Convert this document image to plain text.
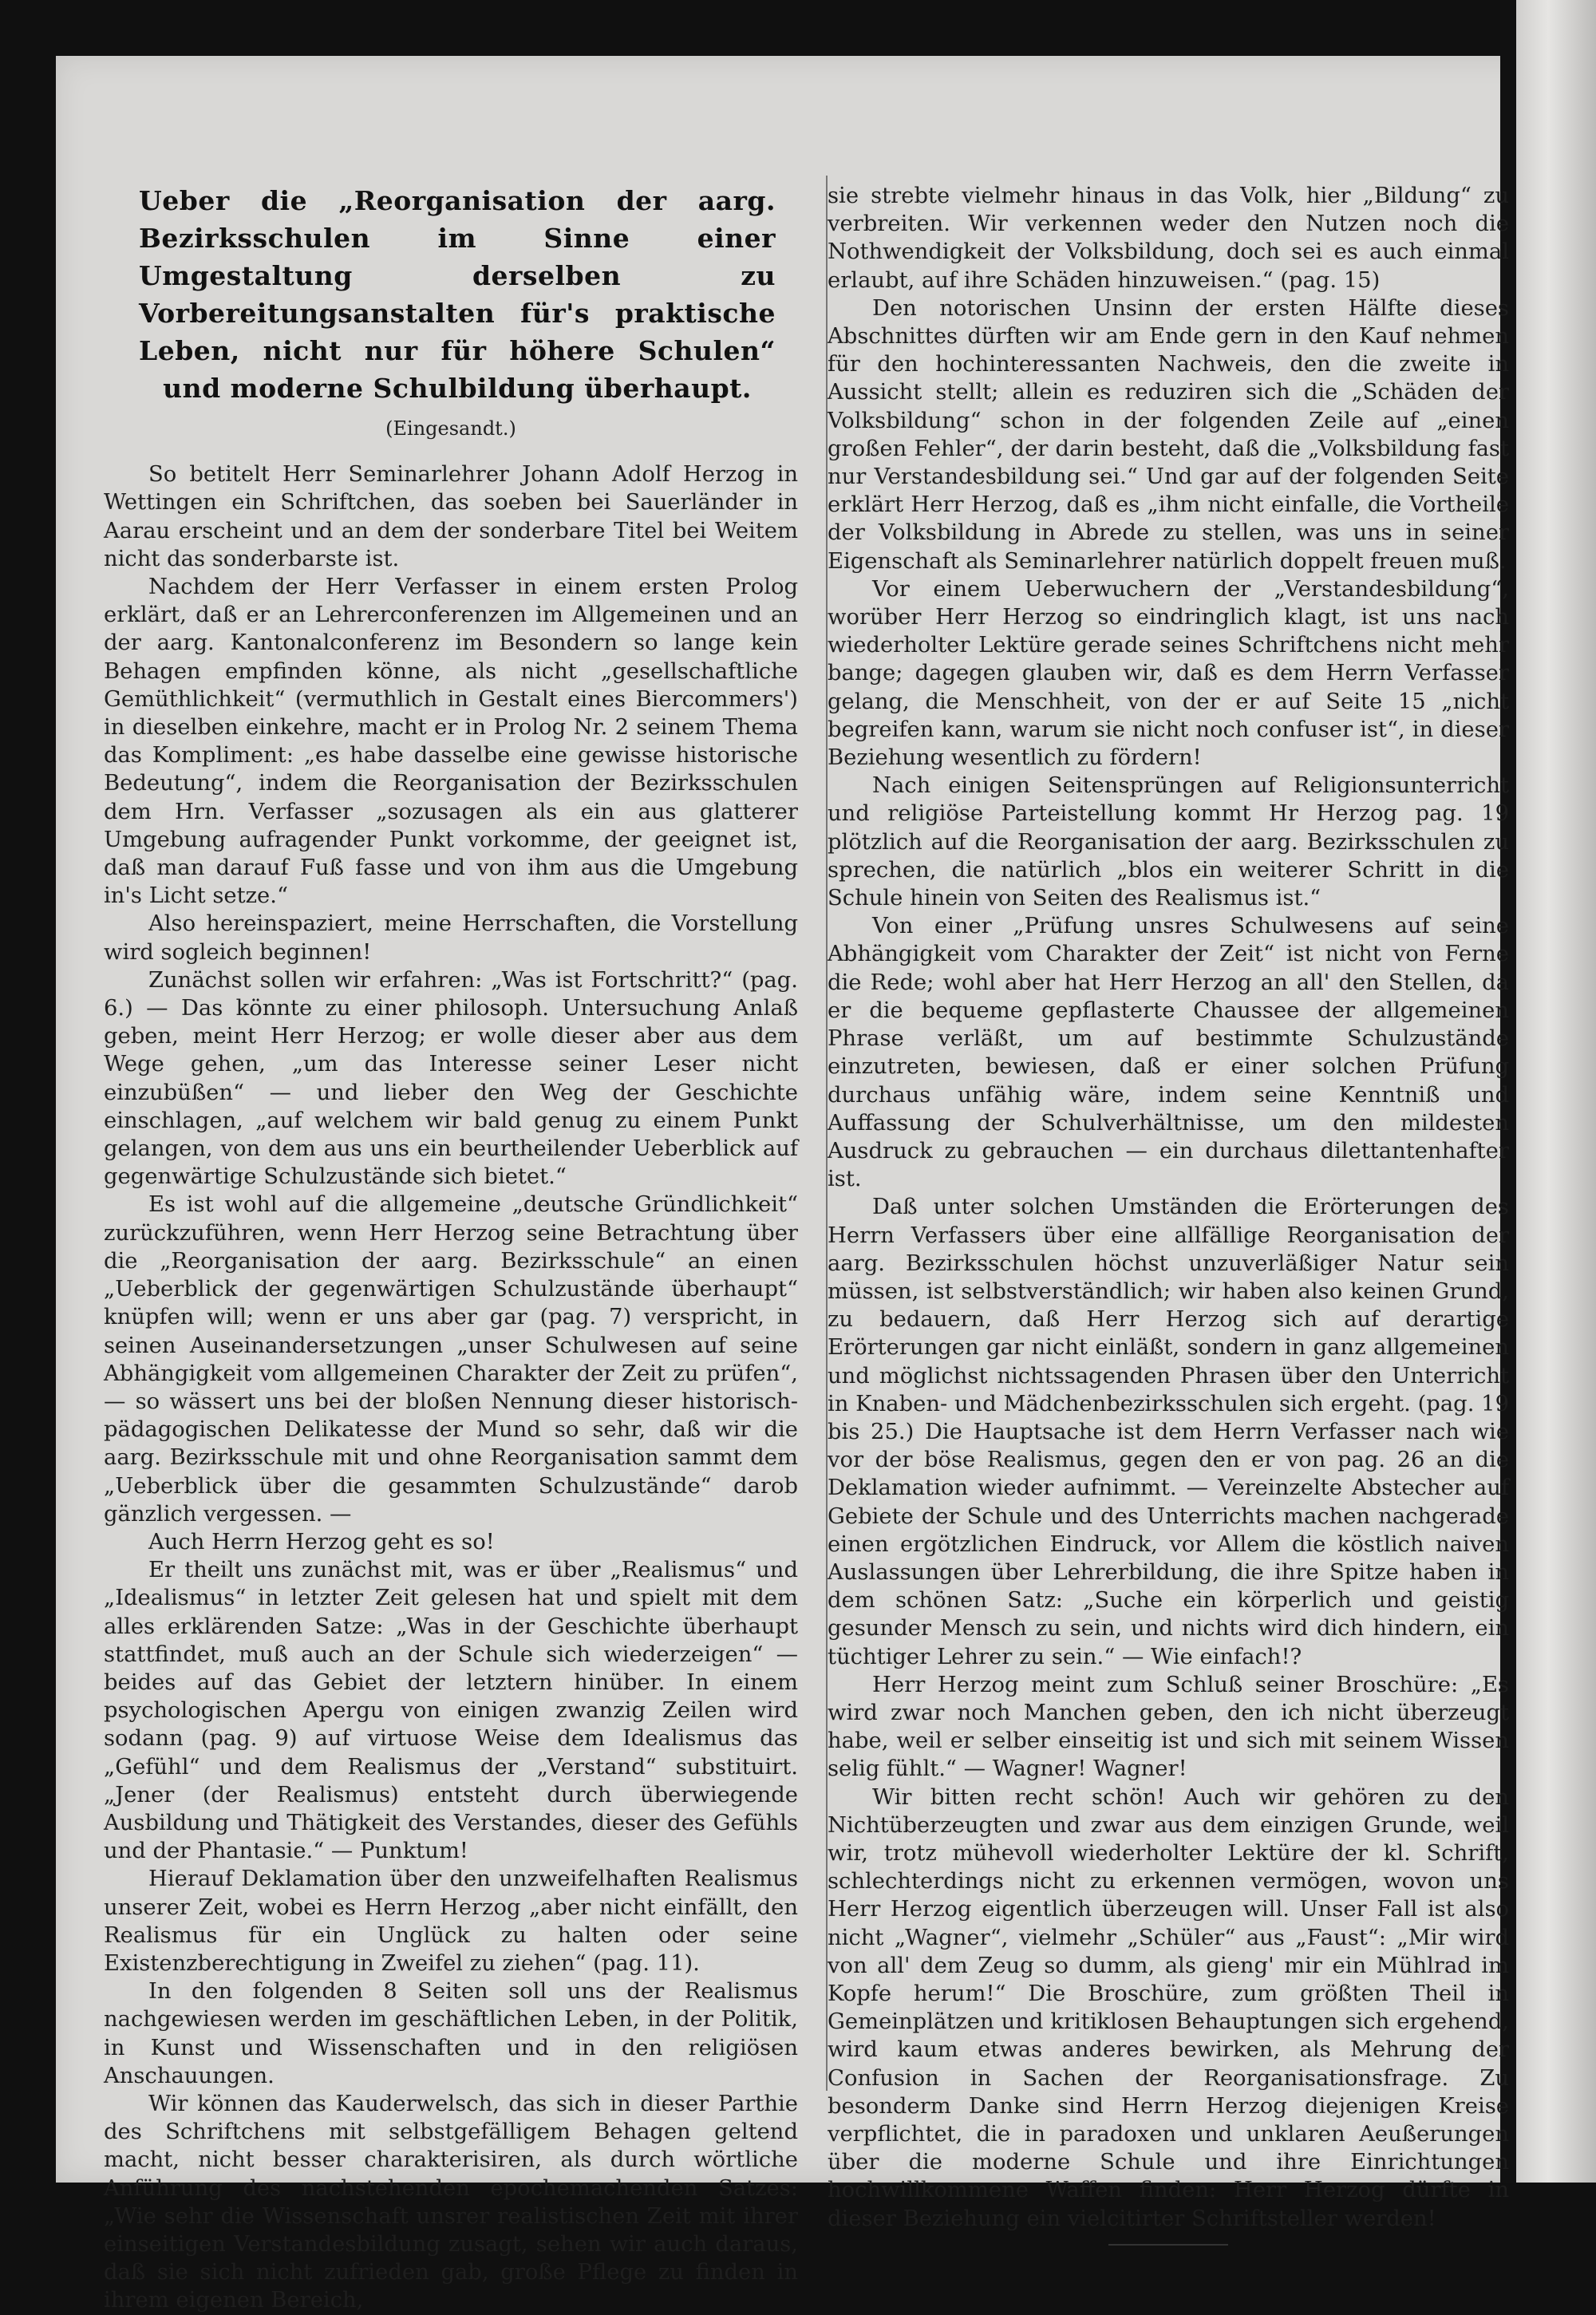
Ueber die „Reorganisation der aarg. Bezirksschulen im Sinne einer Umgestaltung derselben zu Vorbereitungsanstalten für's praktische Leben, nicht nur für höhere Schulen“ und moderne Schulbildung überhaupt.
(Eingesandt.)

So betitelt Herr Seminarlehrer Johann Adolf Herzog in Wettingen ein Schriftchen, das soeben bei Sauerländer in Aarau erscheint und an dem der sonderbare Titel bei Weitem nicht das sonderbarste ist.

Nachdem der Herr Verfasser in einem ersten Prolog erklärt, daß er an Lehrerconferenzen im Allgemeinen und an der aarg. Kantonalconferenz im Besondern so lange kein Behagen empfinden könne, als nicht „gesellschaftliche Gemüthlichkeit“ (vermuthlich in Gestalt eines Biercommers') in dieselben einkehre, macht er in Prolog Nr. 2 seinem Thema das Kompliment: „es habe dasselbe eine gewisse historische Bedeutung“, indem die Reorganisation der Bezirksschulen dem Hrn. Verfasser „sozusagen als ein aus glatterer Umgebung aufragender Punkt vorkomme, der geeignet ist, daß man darauf Fuß fasse und von ihm aus die Umgebung in's Licht setze.“

Also hereinspaziert, meine Herrschaften, die Vorstellung wird sogleich beginnen!

Zunächst sollen wir erfahren: „Was ist Fortschritt?“ (pag. 6.) — Das könnte zu einer philosoph. Untersuchung Anlaß geben, meint Herr Herzog; er wolle dieser aber aus dem Wege gehen, „um das Interesse seiner Leser nicht einzubüßen“ — und lieber den Weg der Geschichte einschlagen, „auf welchem wir bald genug zu einem Punkt gelangen, von dem aus uns ein beurtheilender Ueberblick auf gegenwärtige Schulzustände sich bietet.“

Es ist wohl auf die allgemeine „deutsche Gründlichkeit“ zurückzuführen, wenn Herr Herzog seine Betrachtung über die „Reorganisation der aarg. Bezirksschule“ an einen „Ueberblick der gegenwärtigen Schulzustände überhaupt“ knüpfen will; wenn er uns aber gar (pag. 7) verspricht, in seinen Auseinandersetzungen „unser Schulwesen auf seine Abhängigkeit vom allgemeinen Charakter der Zeit zu prüfen“, — so wässert uns bei der bloßen Nennung dieser historisch-pädagogischen Delikatesse der Mund so sehr, daß wir die aarg. Bezirksschule mit und ohne Reorganisation sammt dem „Ueberblick über die gesammten Schulzustände“ darob gänzlich vergessen. —

Auch Herrn Herzog geht es so!

Er theilt uns zunächst mit, was er über „Realismus“ und „Idealismus“ in letzter Zeit gelesen hat und spielt mit dem alles erklärenden Satze: „Was in der Geschichte überhaupt stattfindet, muß auch an der Schule sich wiederzeigen“ — beides auf das Gebiet der letztern hinüber. In einem psychologischen Apergu von einigen zwanzig Zeilen wird sodann (pag. 9) auf virtuose Weise dem Idealismus das „Gefühl“ und dem Realismus der „Verstand“ substituirt. „Jener (der Realismus) entsteht durch überwiegende Ausbildung und Thätigkeit des Verstandes, dieser des Gefühls und der Phantasie.“ — Punktum!

Hierauf Deklamation über den unzweifelhaften Realismus unserer Zeit, wobei es Herrn Herzog „aber nicht einfällt, den Realismus für ein Unglück zu halten oder seine Existenzberechtigung in Zweifel zu ziehen“ (pag. 11).

In den folgenden 8 Seiten soll uns der Realismus nachgewiesen werden im geschäftlichen Leben, in der Politik, in Kunst und Wissenschaften und in den religiösen Anschauungen.

Wir können das Kauderwelsch, das sich in dieser Parthie des Schriftchens mit selbstgefälligem Behagen geltend macht, nicht besser charakterisiren, als durch wörtliche Anführung des nachstehenden epochemachenden Satzes: „Wie sehr die Wissenschaft unsrer realistischen Zeit mit ihrer einseitigen Verstandesbildung zusagt, sehen wir auch daraus, daß sie sich nicht zufrieden gab, große Pflege zu finden in ihrem eigenen Bereich,

sie strebte vielmehr hinaus in das Volk, hier „Bildung“ zu verbreiten. Wir verkennen weder den Nutzen noch die Nothwendigkeit der Volksbildung, doch sei es auch einmal erlaubt, auf ihre Schäden hinzuweisen.“ (pag. 15)

Den notorischen Unsinn der ersten Hälfte dieses Abschnittes dürften wir am Ende gern in den Kauf nehmen für den hochinteressanten Nachweis, den die zweite in Aussicht stellt; allein es reduziren sich die „Schäden der Volksbildung“ schon in der folgenden Zeile auf „einen großen Fehler“, der darin besteht, daß die „Volksbildung fast nur Verstandesbildung sei.“ Und gar auf der folgenden Seite erklärt Herr Herzog, daß es „ihm nicht einfalle, die Vortheile der Volksbildung in Abrede zu stellen, was uns in seiner Eigenschaft als Seminarlehrer natürlich doppelt freuen muß.

Vor einem Ueberwuchern der „Verstandesbildung“, worüber Herr Herzog so eindringlich klagt, ist uns nach wiederholter Lektüre gerade seines Schriftchens nicht mehr bange; dagegen glauben wir, daß es dem Herrn Verfasser gelang, die Menschheit, von der er auf Seite 15 „nicht begreifen kann, warum sie nicht noch confuser ist“, in dieser Beziehung wesentlich zu fördern!

Nach einigen Seitensprüngen auf Religionsunterricht und religiöse Parteistellung kommt Hr Herzog pag. 19 plötzlich auf die Reorganisation der aarg. Bezirksschulen zu sprechen, die natürlich „blos ein weiterer Schritt in die Schule hinein von Seiten des Realismus ist.“

Von einer „Prüfung unsres Schulwesens auf seine Abhängigkeit vom Charakter der Zeit“ ist nicht von Ferne die Rede; wohl aber hat Herr Herzog an all' den Stellen, da er die bequeme gepflasterte Chaussee der allgemeinen Phrase verläßt, um auf bestimmte Schulzustände einzutreten, bewiesen, daß er einer solchen Prüfung durchaus unfähig wäre, indem seine Kenntniß und Auffassung der Schulverhältnisse, um den mildesten Ausdruck zu gebrauchen — ein durchaus dilettantenhafter ist.

Daß unter solchen Umständen die Erörterungen des Herrn Verfassers über eine allfällige Reorganisation der aarg. Bezirksschulen höchst unzuverläßiger Natur sein müssen, ist selbstverständlich; wir haben also keinen Grund, zu bedauern, daß Herr Herzog sich auf derartige Erörterungen gar nicht einläßt, sondern in ganz allgemeinen und möglichst nichtssagenden Phrasen über den Unterricht in Knaben- und Mädchenbezirksschulen sich ergeht. (pag. 19 bis 25.) Die Hauptsache ist dem Herrn Verfasser nach wie vor der böse Realismus, gegen den er von pag. 26 an die Deklamation wieder aufnimmt. — Vereinzelte Abstecher auf Gebiete der Schule und des Unterrichts machen nachgerade einen ergötzlichen Eindruck, vor Allem die köstlich naiven Auslassungen über Lehrerbildung, die ihre Spitze haben in dem schönen Satz: „Suche ein körperlich und geistig gesunder Mensch zu sein, und nichts wird dich hindern, ein tüchtiger Lehrer zu sein.“ — Wie einfach!?

Herr Herzog meint zum Schluß seiner Broschüre: „Es wird zwar noch Manchen geben, den ich nicht überzeugt habe, weil er selber einseitig ist und sich mit seinem Wissen selig fühlt.“ — Wagner! Wagner!

Wir bitten recht schön! Auch wir gehören zu den Nichtüberzeugten und zwar aus dem einzigen Grunde, weil wir, trotz mühevoll wiederholter Lektüre der kl. Schrift, schlechterdings nicht zu erkennen vermögen, wovon uns Herr Herzog eigentlich überzeugen will. Unser Fall ist also nicht „Wagner“, vielmehr „Schüler“ aus „Faust“: „Mir wird von all' dem Zeug so dumm, als gieng' mir ein Mühlrad im Kopfe herum!“ Die Broschüre, zum größten Theil in Gemeinplätzen und kritiklosen Behauptungen sich ergehend, wird kaum etwas anderes bewirken, als Mehrung der Confusion in Sachen der Reorganisationsfrage. Zu besonderm Danke sind Herrn Herzog diejenigen Kreise verpflichtet, die in paradoxen und unklaren Aeußerungen über die moderne Schule und ihre Einrichtungen hochwillkommene Waffen finden: Herr Herzog dürfte in dieser Beziehung ein vielcitirter Schriftsteller werden!
